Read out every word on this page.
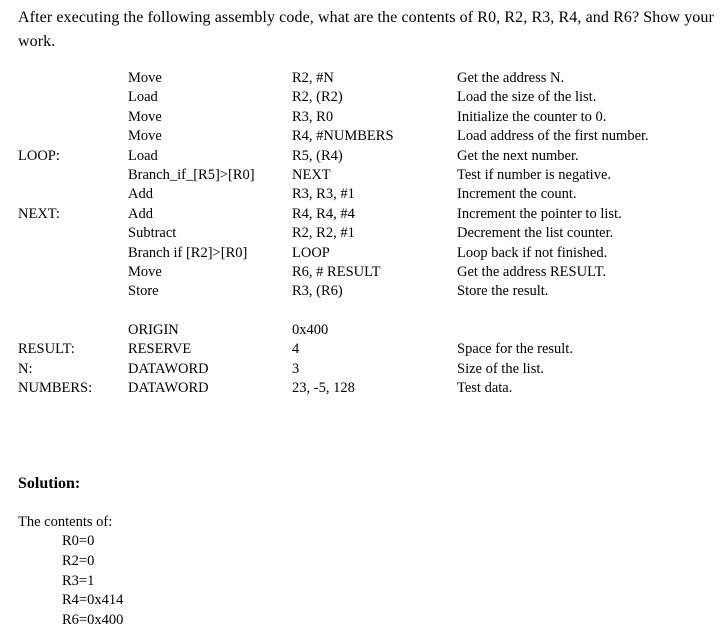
After executing the following assembly code, what are the contents of R0, R2, R3, R4, and R6? Show your work.
Move	R2, #N	Get the address N.
Load	R2, (R2)	Load the size of the list.
Move	R3, R0	Initialize the counter to 0.
Move	R4, #NUMBERS	Load address of the first number.
LOOP:	Load	R5, (R4)	Get the next number.
Branch_if_[R5]>[R0]	NEXT	Test if number is negative.
Add	R3, R3, #1	Increment the count.
NEXT:	Add	R4, R4, #4	Increment the pointer to list.
Subtract	R2, R2, #1	Decrement the list counter.
Branch if [R2]>[R0]	LOOP	Loop back if not finished.
Move	R6, # RESULT	Get the address RESULT.
Store	R3, (R6)	Store the result.
ORIGIN	0x400
RESULT:	RESERVE	4	Space for the result.
N:	DATAWORD	3	Size of the list.
NUMBERS: DATAWORD	23, -5, 128	Test data.
Solution:
The contents of:
R0=0
R2=0
R3=1
R4=0x414
R6=0x400
